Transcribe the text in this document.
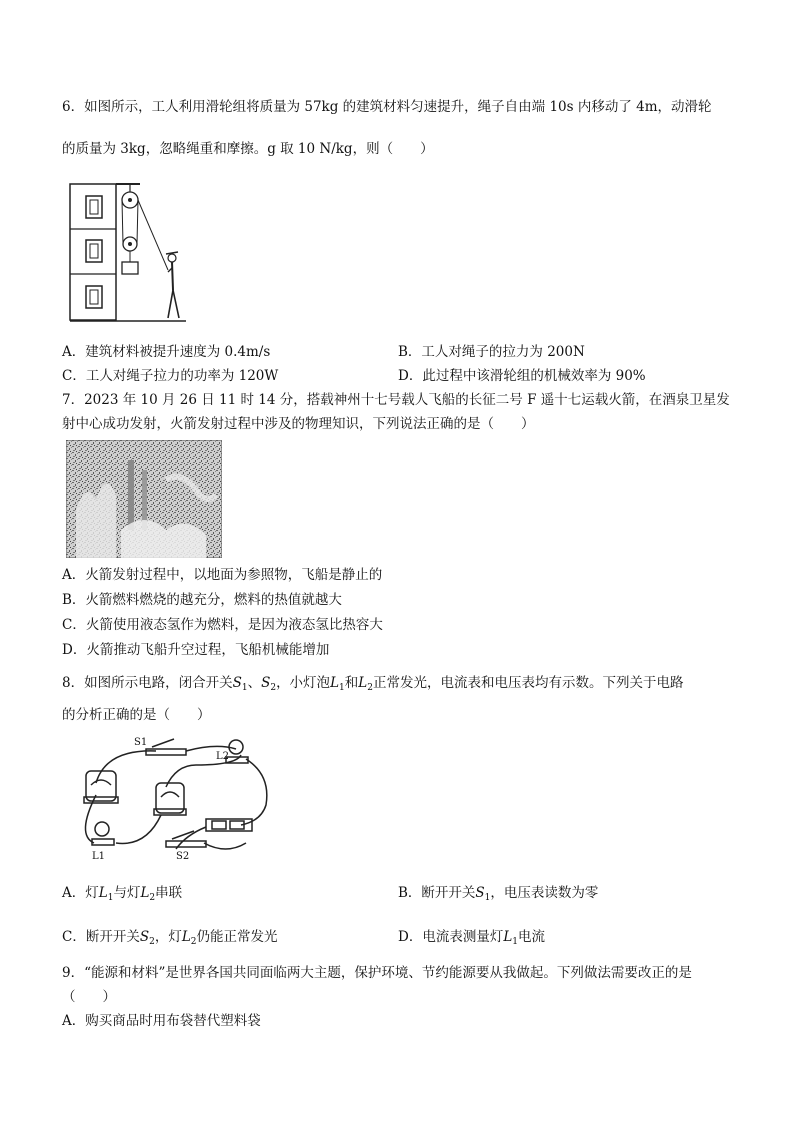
6．如图所示，工人利用滑轮组将质量为 57kg 的建筑材料匀速提升，绳子自由端 10s 内移动了 4m，动滑轮
的质量为 3kg，忽略绳重和摩擦。g 取 10 N/kg，则（　　）
A．建筑材料被提升速度为 0.4m/s	B．工人对绳子的拉力为 200N
C．工人对绳子拉力的功率为 120W	D．此过程中该滑轮组的机械效率为 90%
7．2023 年 10 月 26 日 11 时 14 分，搭载神州十七号载人飞船的长征二号 F 遥十七运载火箭，在酒泉卫星发
射中心成功发射，火箭发射过程中涉及的物理知识，下列说法正确的是（　　）
A．火箭发射过程中，以地面为参照物，飞船是静止的
B．火箭燃料燃烧的越充分，燃料的热值就越大
C．火箭使用液态氢作为燃料，是因为液态氢比热容大
D．火箭推动飞船升空过程，飞船机械能增加
8．如图所示电路，闭合开关$S_1$、$S_2$，小灯泡$L_1$和$L_2$正常发光，电流表和电压表均有示数。下列关于电路
的分析正确的是（　　）
S1
L2
L1	S2
A．灯$L_1$与灯$L_2$串联	B．断开开关$S_1$，电压表读数为零
C．断开开关$S_2$，灯$L_2$仍能正常发光	D．电流表测量灯$L_1$电流
9．“能源和材料”是世界各国共同面临两大主题，保护环境、节约能源要从我做起。下列做法需要改正的是
（　　）
A．购买商品时用布袋替代塑料袋
